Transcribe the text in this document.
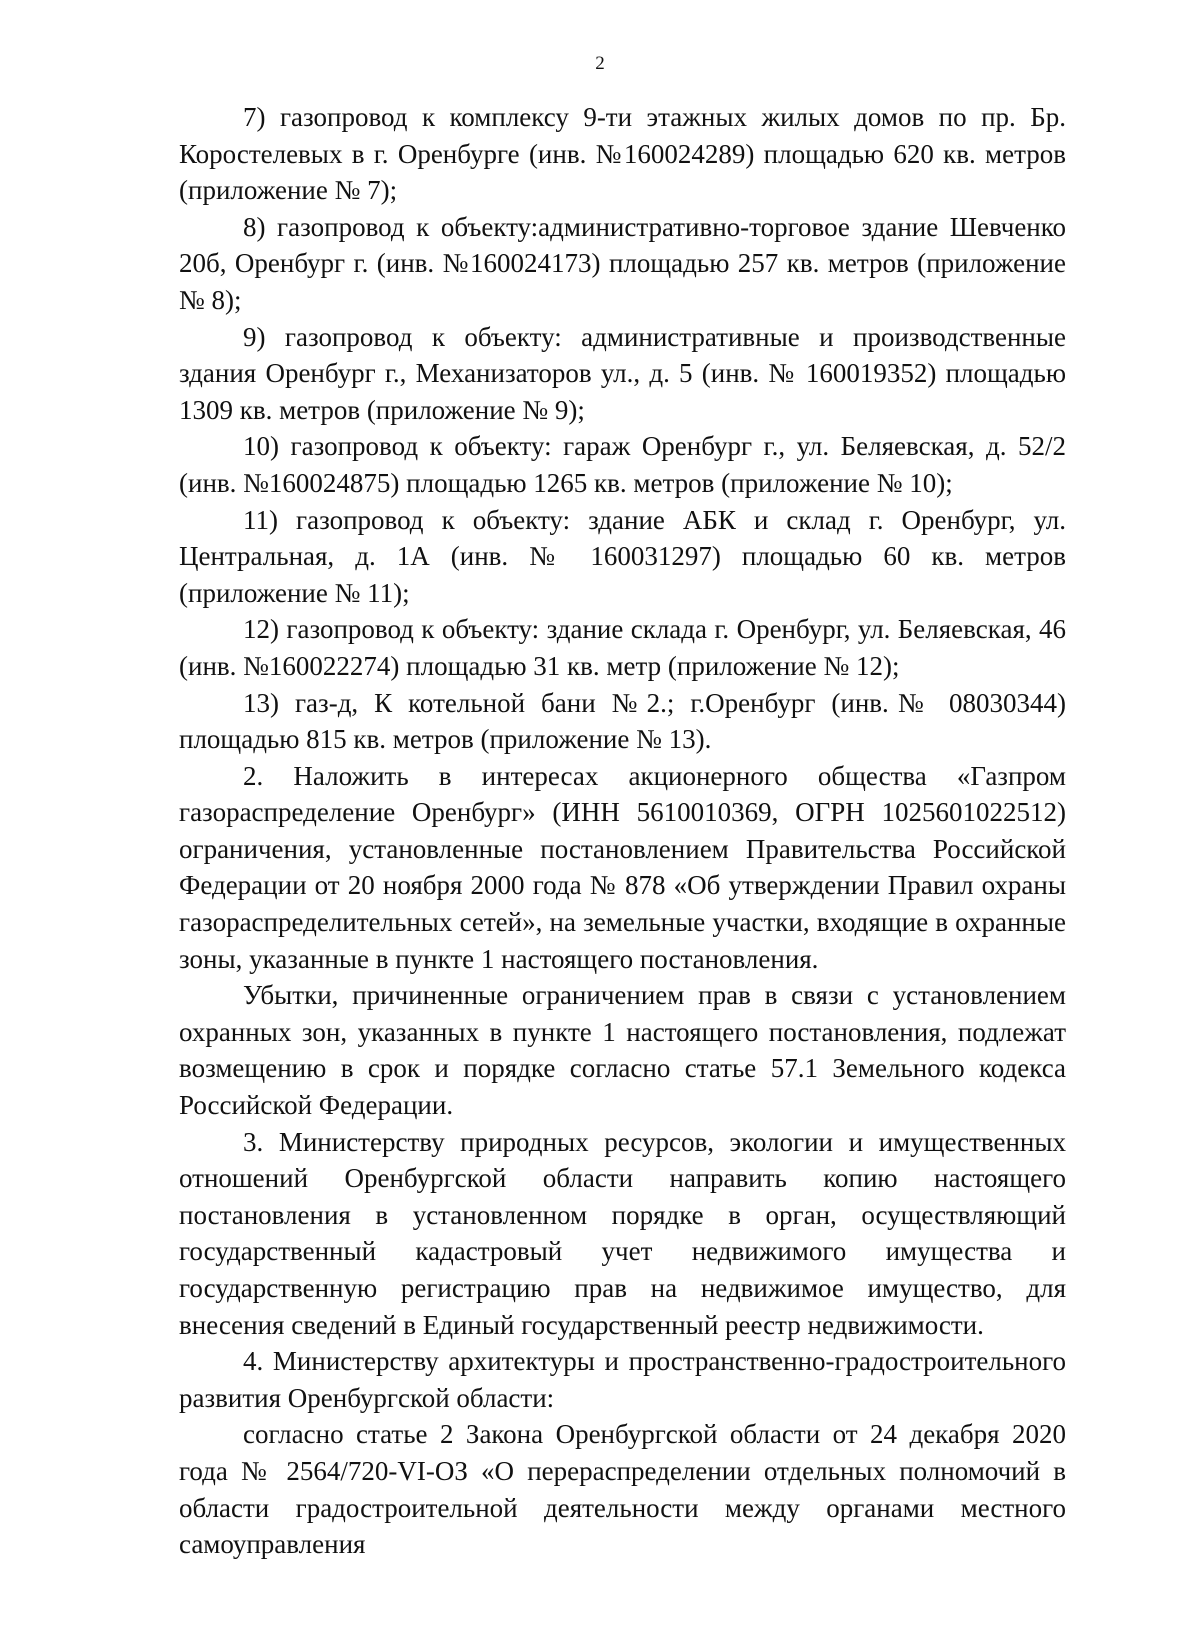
2

7) газопровод к комплексу 9-ти этажных жилых домов по пр. Бр. Коростелевых в г. Оренбурге (инв. №160024289) площадью 620 кв. метров (приложение № 7);

8) газопровод к объекту:административно-торговое здание Шевченко 20б, Оренбург г. (инв. №160024173) площадью 257 кв. метров (приложение № 8);

9) газопровод к объекту: административные и производственные здания Оренбург г., Механизаторов ул., д. 5 (инв. № 160019352) площадью 1309 кв. метров (приложение № 9);

10) газопровод к объекту: гараж Оренбург г., ул. Беляевская, д. 52/2 (инв. №160024875) площадью 1265 кв. метров (приложение № 10);

11) газопровод к объекту: здание АБК и склад г. Оренбург, ул. Центральная, д. 1А (инв. № 160031297) площадью 60 кв. метров (приложение № 11);

12) газопровод к объекту: здание склада г. Оренбург, ул. Беляевская, 46 (инв. №160022274) площадью 31 кв. метр (приложение № 12);

13) газ-д, К котельной бани №2.; г.Оренбург (инв.№ 08030344) площадью 815 кв. метров (приложение № 13).

2. Наложить в интересах акционерного общества «Газпром газораспределение Оренбург» (ИНН 5610010369, ОГРН 1025601022512) ограничения, установленные постановлением Правительства Российской Федерации от 20 ноября 2000 года № 878 «Об утверждении Правил охраны газораспределительных сетей», на земельные участки, входящие в охранные зоны, указанные в пункте 1 настоящего постановления.

Убытки, причиненные ограничением прав в связи с установлением охранных зон, указанных в пункте 1 настоящего постановления, подлежат возмещению в срок и порядке согласно статье 57.1 Земельного кодекса Российской Федерации.

3. Министерству природных ресурсов, экологии и имущественных отношений Оренбургской области направить копию настоящего постановления в установленном порядке в орган, осуществляющий государственный кадастровый учет недвижимого имущества и государственную регистрацию прав на недвижимое имущество, для внесения сведений в Единый государственный реестр недвижимости.

4. Министерству архитектуры и пространственно-градостроительного развития Оренбургской области:

согласно статье 2 Закона Оренбургской области от 24 декабря 2020 года № 2564/720-VI-ОЗ «О перераспределении отдельных полномочий в области градостроительной деятельности между органами местного самоуправления
